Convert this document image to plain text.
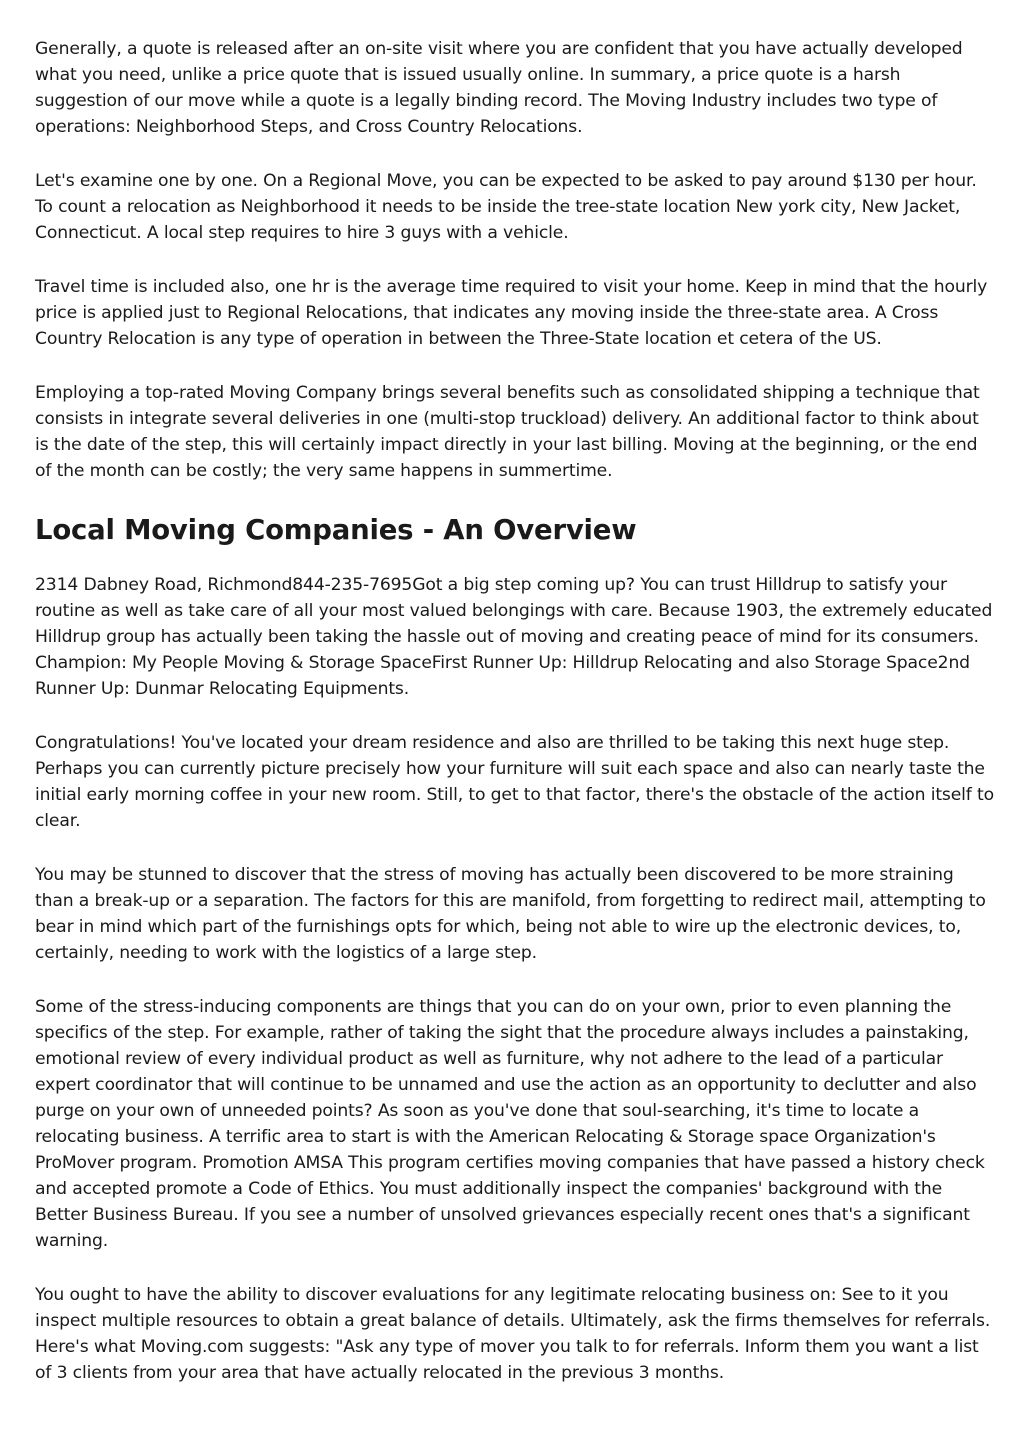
Generally, a quote is released after an on-site visit where you are confident that you have actually developed what you need, unlike a price quote that is issued usually online. In summary, a price quote is a harsh suggestion of our move while a quote is a legally binding record. The Moving Industry includes two type of operations: Neighborhood Steps, and Cross Country Relocations.

Let's examine one by one. On a Regional Move, you can be expected to be asked to pay around $130 per hour. To count a relocation as Neighborhood it needs to be inside the tree-state location New york city, New Jacket, Connecticut. A local step requires to hire 3 guys with a vehicle.

Travel time is included also, one hr is the average time required to visit your home. Keep in mind that the hourly price is applied just to Regional Relocations, that indicates any moving inside the three-state area. A Cross Country Relocation is any type of operation in between the Three-State location et cetera of the US.

Employing a top-rated Moving Company brings several benefits such as consolidated shipping a technique that consists in integrate several deliveries in one (multi-stop truckload) delivery. An additional factor to think about is the date of the step, this will certainly impact directly in your last billing. Moving at the beginning, or the end of the month can be costly; the very same happens in summertime.

Local Moving Companies - An Overview

2314 Dabney Road, Richmond844-235-7695Got a big step coming up? You can trust Hilldrup to satisfy your routine as well as take care of all your most valued belongings with care. Because 1903, the extremely educated Hilldrup group has actually been taking the hassle out of moving and creating peace of mind for its consumers. Champion: My People Moving & Storage SpaceFirst Runner Up: Hilldrup Relocating and also Storage Space2nd Runner Up: Dunmar Relocating Equipments.

Congratulations! You've located your dream residence and also are thrilled to be taking this next huge step. Perhaps you can currently picture precisely how your furniture will suit each space and also can nearly taste the initial early morning coffee in your new room. Still, to get to that factor, there's the obstacle of the action itself to clear.

You may be stunned to discover that the stress of moving has actually been discovered to be more straining than a break-up or a separation. The factors for this are manifold, from forgetting to redirect mail, attempting to bear in mind which part of the furnishings opts for which, being not able to wire up the electronic devices, to, certainly, needing to work with the logistics of a large step.

Some of the stress-inducing components are things that you can do on your own, prior to even planning the specifics of the step. For example, rather of taking the sight that the procedure always includes a painstaking, emotional review of every individual product as well as furniture, why not adhere to the lead of a particular expert coordinator that will continue to be unnamed and use the action as an opportunity to declutter and also purge on your own of unneeded points? As soon as you've done that soul-searching, it's time to locate a relocating business. A terrific area to start is with the American Relocating & Storage space Organization's ProMover program. Promotion AMSA This program certifies moving companies that have passed a history check and accepted promote a Code of Ethics. You must additionally inspect the companies' background with the Better Business Bureau. If you see a number of unsolved grievances especially recent ones that's a significant warning.

You ought to have the ability to discover evaluations for any legitimate relocating business on: See to it you inspect multiple resources to obtain a great balance of details. Ultimately, ask the firms themselves for referrals. Here's what Moving.com suggests: "Ask any type of mover you talk to for referrals. Inform them you want a list of 3 clients from your area that have actually relocated in the previous 3 months.
